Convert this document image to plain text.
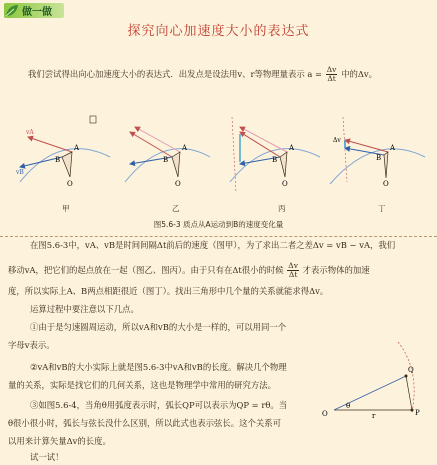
做一做
探究向心加速度大小的表达式
我们尝试得出向心加速度大小的表达式．出发点是设法用v、r等物理量表示 $a = \frac{\Delta v}{\Delta t}$ 中的Δv。
A
B
O
vA
vB
A
B
O
A
B
O
A
B
O
Δv
甲	乙	丙	丁
图5.6-3 质点从A运动到B的速度变化量
在图5.6-3中，vA、vB是时间间隔Δt前后的速度（图甲），为了求出二者之差Δv = vB − vA，我们
移动vA，把它们的起点放在一起（图乙、图丙）。由于只有在Δt很小的时候 $\frac{\Delta v}{\Delta t}$ 才表示物体的加速
度，所以实际上A、B两点相距很近（图丁）。找出三角形中几个量的关系就能求得Δv。
运算过程中要注意以下几点。
①由于是匀速圆周运动，所以vA和vB的大小是一样的，可以用同一个
字母v表示。
②vA和vB的大小实际上就是图5.6-3中vA和vB的长度。解决几个物理
量的关系，实际是找它们的几何关系，这也是物理学中常用的研究方法。
③如图5.6-4，当角θ用弧度表示时，弧长QP可以表示为QP = rθ。当
θ很小很小时，弧长与弦长没什么区别，所以此式也表示弦长。这个关系可
以用来计算矢量Δv的长度。
试一试！
O
θ
r
Q
P
